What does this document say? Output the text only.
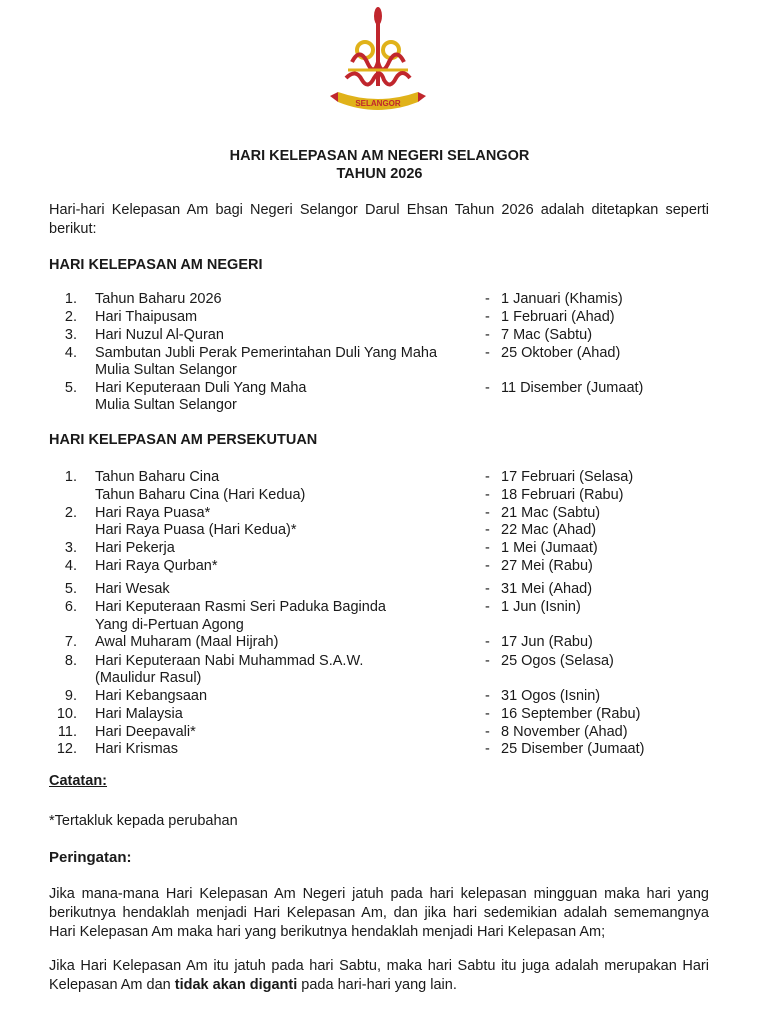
SELANGOR
HARI KELEPASAN AM NEGERI SELANGOR
TAHUN 2026
Hari-hari Kelepasan Am bagi Negeri Selangor Darul Ehsan Tahun 2026 adalah ditetapkan seperti berikut:
HARI KELEPASAN AM NEGERI
1. Tahun Baharu 2026	- 1 Januari (Khamis)
2. Hari Thaipusam	- 1 Februari (Ahad)
3. Hari Nuzul Al-Quran	- 7 Mac (Sabtu)
4. Sambutan Jubli Perak Pemerintahan Duli Yang Maha	- 25 Oktober (Ahad)
Mulia Sultan Selangor
5. Hari Keputeraan Duli Yang Maha	- 11 Disember (Jumaat)
Mulia Sultan Selangor
HARI KELEPASAN AM PERSEKUTUAN
1. Tahun Baharu Cina	- 17 Februari (Selasa)
Tahun Baharu Cina (Hari Kedua)	- 18 Februari (Rabu)
2. Hari Raya Puasa*	- 21 Mac (Sabtu)
Hari Raya Puasa (Hari Kedua)*	- 22 Mac (Ahad)
3. Hari Pekerja	- 1 Mei (Jumaat)
4. Hari Raya Qurban*	- 27 Mei (Rabu)
5. Hari Wesak	- 31 Mei (Ahad)
6. Hari Keputeraan Rasmi Seri Paduka Baginda	- 1 Jun (Isnin)
Yang di-Pertuan Agong
7. Awal Muharam (Maal Hijrah)	- 17 Jun (Rabu)
8. Hari Keputeraan Nabi Muhammad S.A.W.	- 25 Ogos (Selasa)
(Maulidur Rasul)
9. Hari Kebangsaan	- 31 Ogos (Isnin)
10. Hari Malaysia	- 16 September (Rabu)
11. Hari Deepavali*	- 8 November (Ahad)
12. Hari Krismas	- 25 Disember (Jumaat)
Catatan:
*Tertakluk kepada perubahan
Peringatan:
Jika mana-mana Hari Kelepasan Am Negeri jatuh pada hari kelepasan mingguan maka hari yang berikutnya hendaklah menjadi Hari Kelepasan Am, dan jika hari sedemikian adalah sememangnya Hari Kelepasan Am maka hari yang berikutnya hendaklah menjadi Hari Kelepasan Am;
Jika Hari Kelepasan Am itu jatuh pada hari Sabtu, maka hari Sabtu itu juga adalah merupakan Hari Kelepasan Am dan tidak akan diganti pada hari-hari yang lain.
